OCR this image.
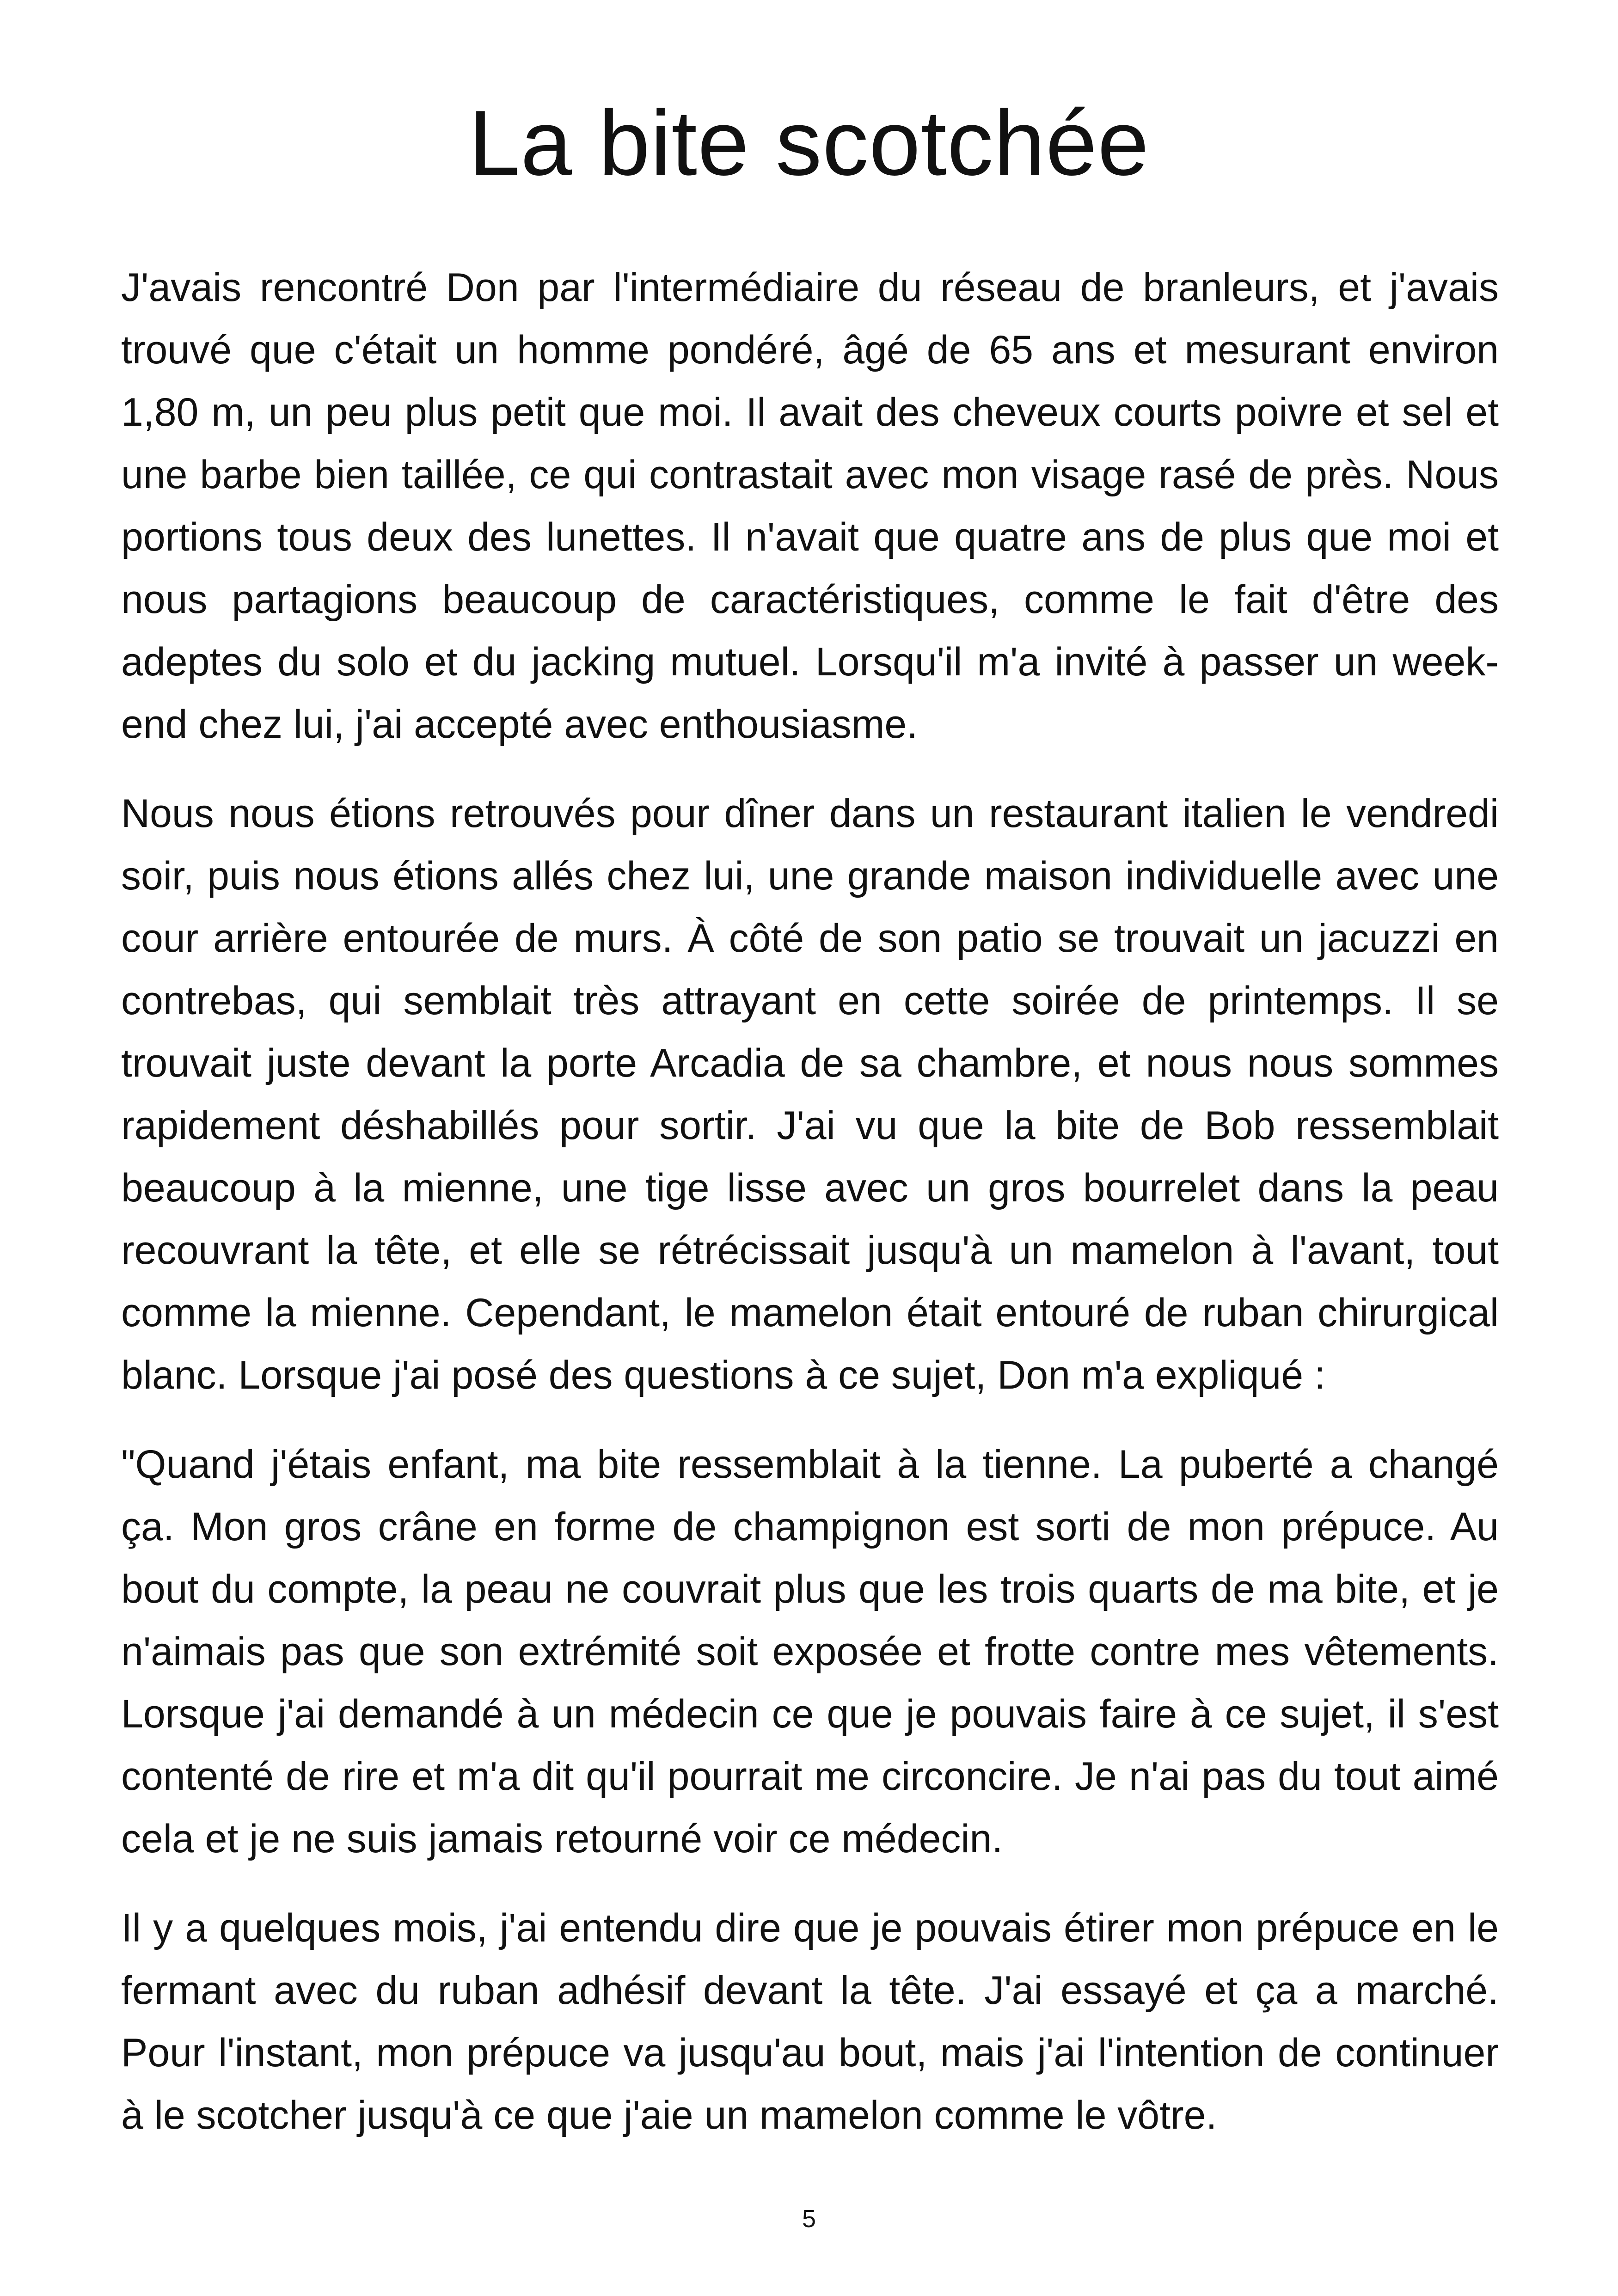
La bite scotchée

J'avais rencontré Don par l'intermédiaire du réseau de branleurs, et j'avais trouvé que c'était un homme pondéré, âgé de 65 ans et mesurant environ 1,80 m, un peu plus petit que moi. Il avait des cheveux courts poivre et sel et une barbe bien taillée, ce qui contrastait avec mon visage rasé de près. Nous portions tous deux des lunettes. Il n'avait que quatre ans de plus que moi et nous partagions beaucoup de caractéristiques, comme le fait d'être des adeptes du solo et du jacking mutuel. Lorsqu'il m'a invité à passer un week-end chez lui, j'ai accepté avec enthousiasme.

Nous nous étions retrouvés pour dîner dans un restaurant italien le vendredi soir, puis nous étions allés chez lui, une grande maison individuelle avec une cour arrière entourée de murs. À côté de son patio se trouvait un jacuzzi en contrebas, qui semblait très attrayant en cette soirée de printemps. Il se trouvait juste devant la porte Arcadia de sa chambre, et nous nous sommes rapidement déshabillés pour sortir. J'ai vu que la bite de Bob ressemblait beaucoup à la mienne, une tige lisse avec un gros bourrelet dans la peau recouvrant la tête, et elle se rétrécissait jusqu'à un mamelon à l'avant, tout comme la mienne. Cependant, le mamelon était entouré de ruban chirurgical blanc. Lorsque j'ai posé des questions à ce sujet, Don m'a expliqué :

"Quand j'étais enfant, ma bite ressemblait à la tienne. La puberté a changé ça. Mon gros crâne en forme de champignon est sorti de mon prépuce. Au bout du compte, la peau ne couvrait plus que les trois quarts de ma bite, et je n'aimais pas que son extrémité soit exposée et frotte contre mes vêtements. Lorsque j'ai demandé à un médecin ce que je pouvais faire à ce sujet, il s'est contenté de rire et m'a dit qu'il pourrait me circoncire. Je n'ai pas du tout aimé cela et je ne suis jamais retourné voir ce médecin.

Il y a quelques mois, j'ai entendu dire que je pouvais étirer mon prépuce en le fermant avec du ruban adhésif devant la tête. J'ai essayé et ça a marché. Pour l'instant, mon prépuce va jusqu'au bout, mais j'ai l'intention de continuer à le scotcher jusqu'à ce que j'aie un mamelon comme le vôtre.

5
